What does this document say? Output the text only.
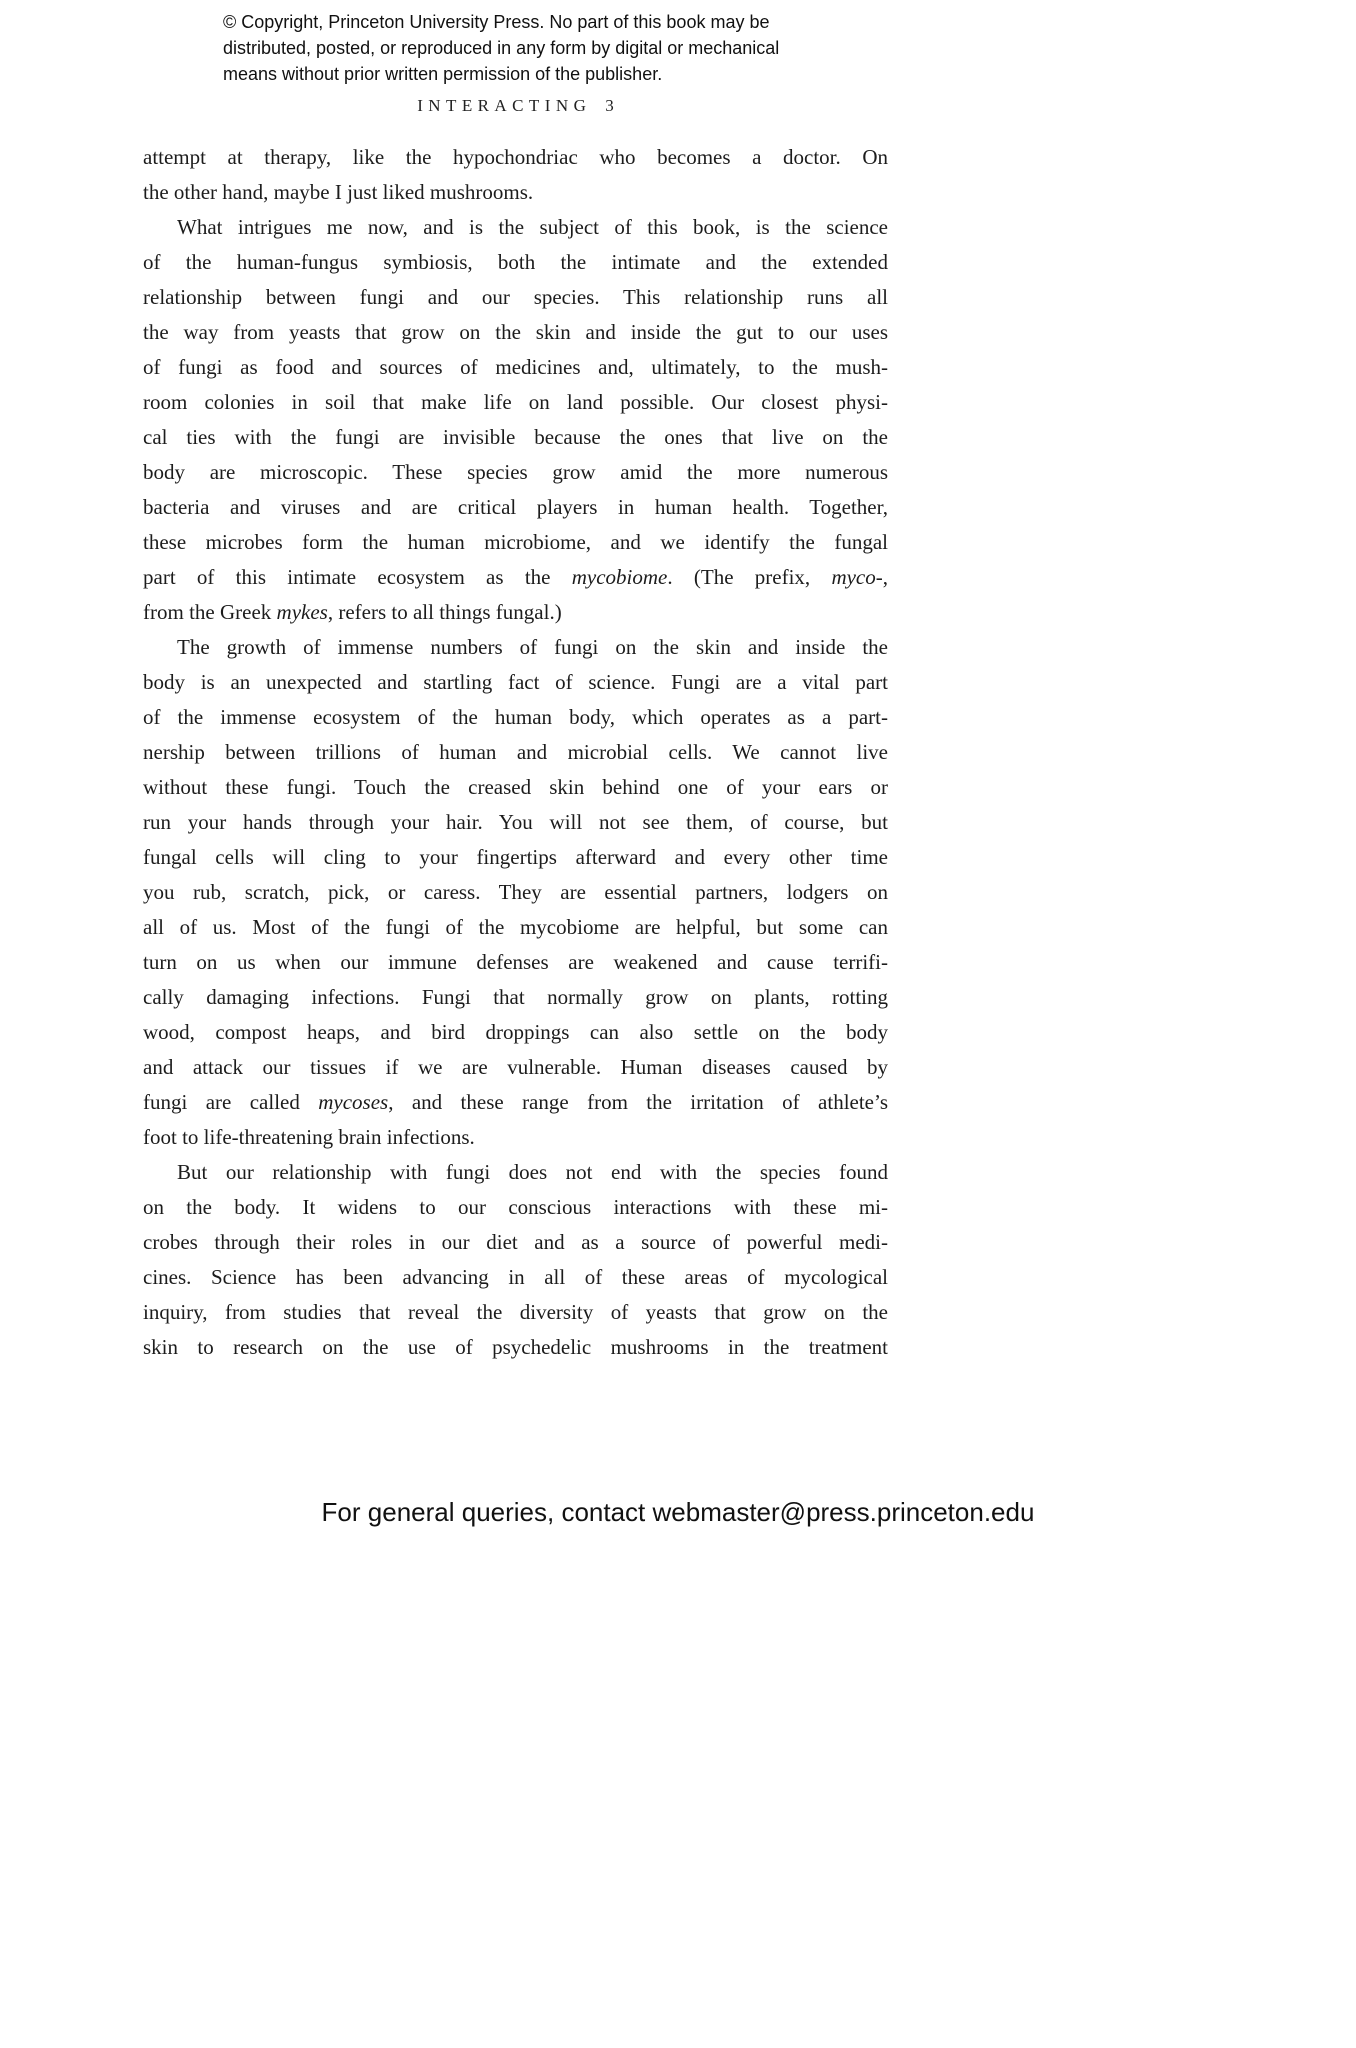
© Copyright, Princeton University Press. No part of this book may be
distributed, posted, or reproduced in any form by digital or mechanical
means without prior written permission of the publisher.
INTERACTING 3
attempt at therapy, like the hypochondriac who becomes a doctor. On
the other hand, maybe I just liked mushrooms.
What intrigues me now, and is the subject of this book, is the science
of the human-fungus symbiosis, both the intimate and the extended
relationship between fungi and our species. This relationship runs all
the way from yeasts that grow on the skin and inside the gut to our uses
of fungi as food and sources of medicines and, ultimately, to the mush-
room colonies in soil that make life on land possible. Our closest physi-
cal ties with the fungi are invisible because the ones that live on the
body are microscopic. These species grow amid the more numerous
bacteria and viruses and are critical players in human health. Together,
these microbes form the human microbiome, and we identify the fungal
part of this intimate ecosystem as the mycobiome. (The prefix, myco-,
from the Greek mykes, refers to all things fungal.)
The growth of immense numbers of fungi on the skin and inside the
body is an unexpected and startling fact of science. Fungi are a vital part
of the immense ecosystem of the human body, which operates as a part-
nership between trillions of human and microbial cells. We cannot live
without these fungi. Touch the creased skin behind one of your ears or
run your hands through your hair. You will not see them, of course, but
fungal cells will cling to your fingertips afterward and every other time
you rub, scratch, pick, or caress. They are essential partners, lodgers on
all of us. Most of the fungi of the mycobiome are helpful, but some can
turn on us when our immune defenses are weakened and cause terrifi-
cally damaging infections. Fungi that normally grow on plants, rotting
wood, compost heaps, and bird droppings can also settle on the body
and attack our tissues if we are vulnerable. Human diseases caused by
fungi are called mycoses, and these range from the irritation of athlete’s
foot to life-threatening brain infections.
But our relationship with fungi does not end with the species found
on the body. It widens to our conscious interactions with these mi-
crobes through their roles in our diet and as a source of powerful medi-
cines. Science has been advancing in all of these areas of mycological
inquiry, from studies that reveal the diversity of yeasts that grow on the
skin to research on the use of psychedelic mushrooms in the treatment
For general queries, contact webmaster@press.princeton.edu
